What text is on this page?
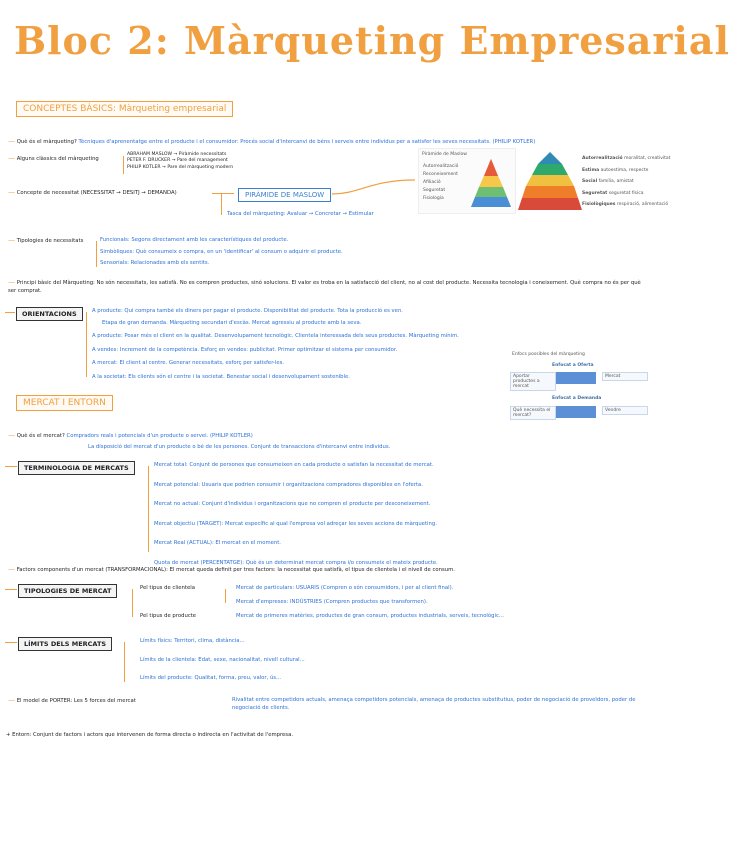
Bloc 2: Màrqueting Empresarial
CONCEPTES BÀSICS: Màrqueting empresarial
— Què és el màrqueting? Tècniques d'aprenentatge entre el producte i el consumidor: Procés social d'intercanvi de béns i serveis entre individus per a satisfer les seves necessitats. (PHILIP KOTLER)
— Alguns clàssics del màrqueting
ABRAHAM MASLOW → Piràmide necessitats
PETER F. DRUCKER → Pare del management
PHILIP KOTLER → Pare del màrqueting modern
— Concepte de necessitat (NECESSITAT → DESITJ → DEMANDA)	PIRÀMIDE DE MASLOW
Tasca del màrqueting: Avaluar → Concretar → Estimular
Piràmide de Maslow
Autorrealització
Reconeixement
Afiliació
Seguretat
Fisiologia
Autorrealització moralitat, creativitat
Estima autoestima, respecte
Social família, amistat
Seguretat seguretat física
Fisiològiques respiració, alimentació
— Tipologies de necessitats	Funcionals: Segons directament amb les característiques del producte.
Simbòliques: Què consumeix o compra, en un 'identificar' al consum o adquirir el producte.
Sensorials: Relacionades amb els sentits.
— Principi bàsic del Màrqueting: No són necessitats, les satisfà. No es compren productes, sinó solucions. El valor es troba en la satisfacció del client, no al cost del producte. Necessita tecnologia i coneixement. Què compra no és per què ser comprat.
ORIENTACIONS	A producte: Qui compra també els diners per pagar el producte. Disponibilitat del producte. Tota la producció es ven.
Etapa de gran demanda. Màrqueting secundari d'escàs. Mercat agressiu al producte amb la seva.
A producte: Posar més el client en la qualitat. Desenvolupament tecnològic. Clientela interessada dels seus productes. Màrqueting mínim.
A vendes: Increment de la competència. Esforç en vendes: publicitat. Primer optimitzar el sistema per consumidor.
A mercat: El client al centre. Generar necessitats, esforç per satisfer-les.
A la societat: Els clients són el centre i la societat. Benestar social i desenvolupament sostenible.
Enfocs possibles del màrqueting
Enfocat a Oferta
Aportar productes a mercat
Mercat
Enfocat a Demanda
Què necessita el mercat?
Vendre
MERCAT I ENTORN
— Què és el mercat? Compradors reals i potencials d'un producte o servei. (PHILIP KOTLER)
La disposició del mercat d'un producte o bé de les persones. Conjunt de transaccions d'intercanvi entre individus.
TERMINOLOGIA DE MERCATS	Mercat total: Conjunt de persones que consumeixen en cada producte o satisfan la necessitat de mercat.
Mercat potencial: Usuaris que podrien consumir i organitzacions compradores disponibles en l'oferta.
Mercat no actual: Conjunt d'individus i organitzacions que no compren el producte per desconeixement.
Mercat objectiu (TARGET): Mercat específic al qual l'empresa vol adreçar les seves accions de màrqueting.
Mercat Real (ACTUAL): El mercat en el moment.
Quota de mercat (PERCENTATGE): Què és un determinat mercat compra i/o consumeix el mateix producte.
— Factors components d'un mercat (TRANSFORMACIONAL): El mercat queda definit per tres factors: la necessitat que satisfà, el tipus de clientela i el nivell de consum.
TIPOLOGIES DE MERCAT	Pel tipus de clientela	Mercat de particulars: USUARIS (Compren o són consumidors, i per al client final).
Mercat d'empreses: INDÚSTRIES (Compren productes que transformen).
Pel tipus de producte	Mercat de primeres matèries, productes de gran consum, productes industrials, serveis, tecnològic...
LÍMITS DELS MERCATS	Límits físics: Territori, clima, distància...
Límits de la clientela: Edat, sexe, nacionalitat, nivell cultural...
Límits del producte: Qualitat, forma, preu, valor, ús...
— El model de PORTER: Les 5 forces del mercat	Rivalitat entre competidors actuals, amenaça competidors potencials, amenaça de productes substitutius, poder de negociació de proveïdors, poder de negociació de clients.
+ Entorn: Conjunt de factors i actors que intervenen de forma directa o indirecta en l'activitat de l'empresa.
